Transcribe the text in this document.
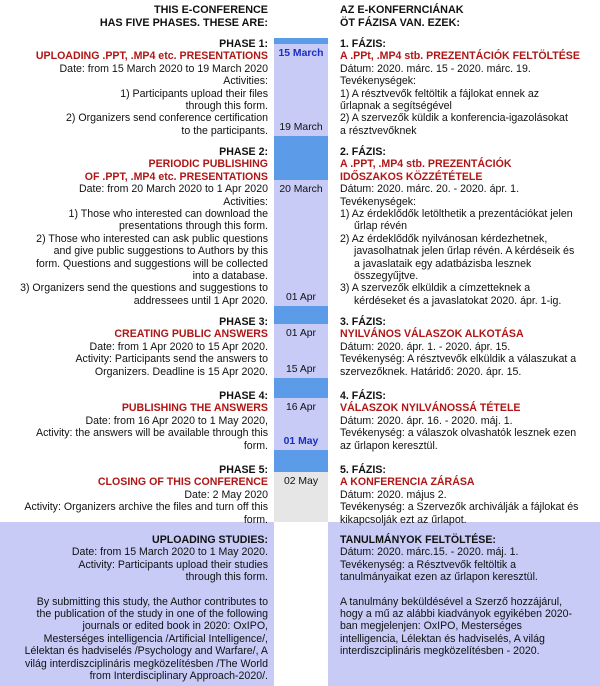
15 March
19 March
20 March
01 Apr
01 Apr
15 Apr
16 Apr
01 May
02 May
THIS E-CONFERENCE
HAS FIVE PHASES. THESE ARE:
AZ E-KONFERNCIÁNAK
ÖT FÁZISA VAN. EZEK:
PHASE 1:
UPLOADING .PPT, .MP4 etc. PRESENTATIONS
Date: from 15 March 2020 to 19 March 2020
Activities:
1) Participants upload their files
through this form.
2) Organizers send conference certification
to the participants.
1. FÁZIS:
A .PPt, .MP4 stb. PREZENTÁCIÓK FELTÖLTÉSE
Dátum: 2020. márc. 15 - 2020. márc. 19.
Tevékenységek:
1) A résztvevők feltöltik a fájlokat ennek az
űrlapnak a segítségével
2) A szervezők küldik a konferencia-igazolásokat
a résztvevőknek
PHASE 2:
PERIODIC PUBLISHING
OF .PPT, .MP4 etc. PRESENTATIONS
Date: from 20 March 2020 to 1 Apr 2020
Activities:
1) Those who interested can download the
presentations through this form.
2) Those who interested can ask public questions
and give public suggestions to Authors by this
form. Questions and suggestions will be collected
into a database.
3) Organizers send the questions and suggestions to
addressees until 1 Apr 2020.
2. FÁZIS:
A .PPT, .MP4 stb. PREZENTÁCIÓK
IDŐSZAKOS KÖZZÉTÉTELE
Dátum: 2020. márc. 20. - 2020. ápr. 1.
Tevékenységek:
1) Az érdeklődők letölthetik a prezentációkat jelen
űrlap révén
2) Az érdeklődők nyilvánosan kérdezhetnek,
javasolhatnak jelen űrlap révén. A kérdéseik és
a javaslataik egy adatbázisba lesznek
összegyűjtve.
3) A szervezők elküldik a címzetteknek a
kérdéseket és a javaslatokat 2020. ápr. 1-ig.
PHASE 3:
CREATING PUBLIC ANSWERS
Date: from 1 Apr 2020 to 15 Apr 2020.
Activity: Participants send the answers to
Organizers. Deadline is 15 Apr 2020.
3. FÁZIS:
NYILVÁNOS VÁLASZOK ALKOTÁSA
Dátum: 2020. ápr. 1. - 2020. ápr. 15.
Tevékenység: A résztvevők elküldik a válaszukat a
szervezőknek. Határidő: 2020. ápr. 15.
PHASE 4:
PUBLISHING THE ANSWERS
Date: from 16 Apr 2020 to 1 May 2020,
Activity: the answers will be available through this
form.
4. FÁZIS:
VÁLASZOK NYILVÁNOSSÁ TÉTELE
Dátum: 2020. ápr. 16. - 2020. máj. 1.
Tevékenység: a válaszok olvashatók lesznek ezen
az űrlapon keresztül.
PHASE 5:
CLOSING OF THIS CONFERENCE
Date: 2 May 2020
Activity: Organizers archive the files and turn off this
form.
5. FÁZIS:
A KONFERENCIA ZÁRÁSA
Dátum: 2020. május 2.
Tevékenység: a Szervezők archiválják a fájlokat és
kikapcsolják ezt az űrlapot.
UPLOADING STUDIES:
Date: from 15 March 2020 to 1 May 2020.
Activity: Participants upload their studies
through this form.
By submitting this study, the Author contributes to
the publication of the study in one of the following
journals or edited book in 2020: OxIPO,
Mesterséges intelligencia /Artificial Intelligence/,
Lélektan és hadviselés /Psychology and Warfare/, A
világ interdiszciplináris megközelítésben /The World
from Interdisciplinary Approach-2020/.
TANULMÁNYOK FELTÖLTÉSE:
Dátum: 2020. márc.15. - 2020. máj. 1.
Tevékenység: a Résztvevők feltöltik a
tanulmányaikat ezen az űrlapon keresztül.
A tanulmány beküldésével a Szerző hozzájárul,
hogy a mű az alábbi kiadványok egyikében 2020-
ban megjelenjen: OxIPO, Mesterséges
intelligencia, Lélektan és hadviselés, A világ
interdiszciplináris megközelítésben - 2020.
